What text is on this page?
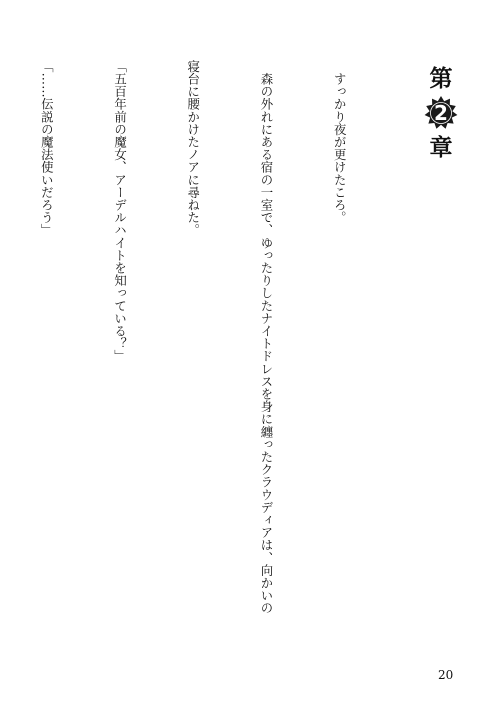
第
2
章

　すっかり夜が更けたころ。

　森の外れにある宿の一室で、ゆったりしたナイトドレスを身に纏ったクラウディアは、向かいの

寝台に腰かけたノアに尋ねた。

「五百年前の魔女、アーデルハイトを知っている？」

「……伝説の魔法使いだろう」

20
